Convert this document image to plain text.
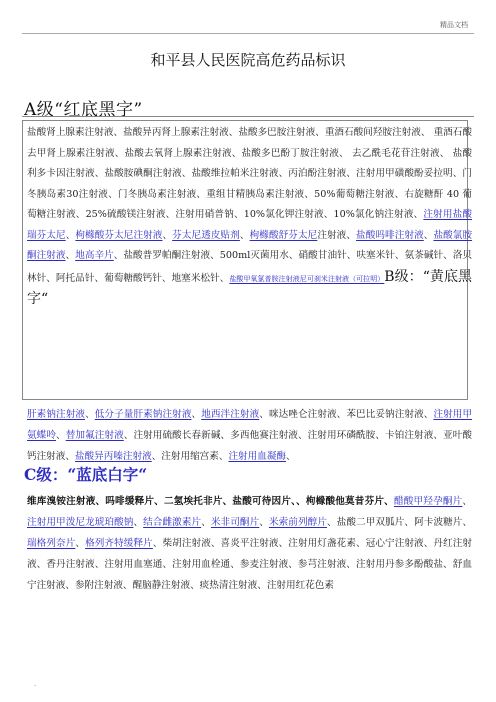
精品文档
和平县人民医院高危药品标识
A级“红底黑字”
盐酸肾上腺素注射液、盐酸异丙肾上腺素注射液、盐酸多巴胺注射液、重酒石酸间羟胺注射液、 重酒石酸去甲肾上腺素注射液、盐酸去氧肾上腺素注射液、盐酸多巴酚丁胺注射液、 去乙酰毛花苷注射液、 盐酸利多卡因注射液、盐酸胺碘酮注射液、盐酸维拉帕米注射液、丙泊酚注射液、注射用甲磺酸酚妥拉明、门冬胰岛素30注射液、门冬胰岛素注射液、重组甘精胰岛素注射液、50%葡萄糖注射液、右旋糖酐 40 葡萄糖注射液、25%硫酸镁注射液、注射用硝普钠、10%氯化钾注射液、10%氯化钠注射液、注射用盐酸瑞芬太尼、枸橼酸芬太尼注射液、芬太尼透皮贴剂、枸橼酸舒芬太尼注射液、盐酸吗啡注射液、盐酸氯胺酮注射液、地高辛片、盐酸普罗帕酮注射液、500ml灭菌用水、硝酸甘油针、呋塞米针、氨茶碱针、洛贝林针、阿托品针、葡萄糖酸钙针、地塞米松针、盐酸甲氧氯普胺注射液尼可刹米注射液（可拉明）B级：“黄底黑字“
肝素钠注射液、低分子量肝素钠注射液、地西泮注射液、咪达唑仑注射液、苯巴比妥钠注射液、注射用甲氨蝶呤、替加氟注射液、注射用硫酸长春新碱、多西他赛注射液、注射用环磷酰胺、卡铂注射液、亚叶酸钙注射液、盐酸异丙嗪注射液、注射用缩宫素、注射用血凝酶、
C级：“蓝底白字“
维库溴铵注射液、吗啡缓释片、二氢埃托非片、盐酸可待因片、、枸橼酸他莫昔芬片、醋酸甲羟孕酮片、注射用甲泼尼龙琥珀酸钠、结合雌激素片、米非司酮片、米索前列醇片、盐酸二甲双胍片、阿卡波糖片、瑞格列奈片、格列齐特缓释片、柴胡注射液、喜炎平注射液、注射用灯盏花素、冠心宁注射液、丹红注射液、香丹注射液、注射用血塞通、注射用血栓通、参麦注射液、参芎注射液、注射用丹参多酚酸盐、舒血宁注射液、参附注射液、醒脑静注射液、痰热清注射液、注射用红花色素
.
